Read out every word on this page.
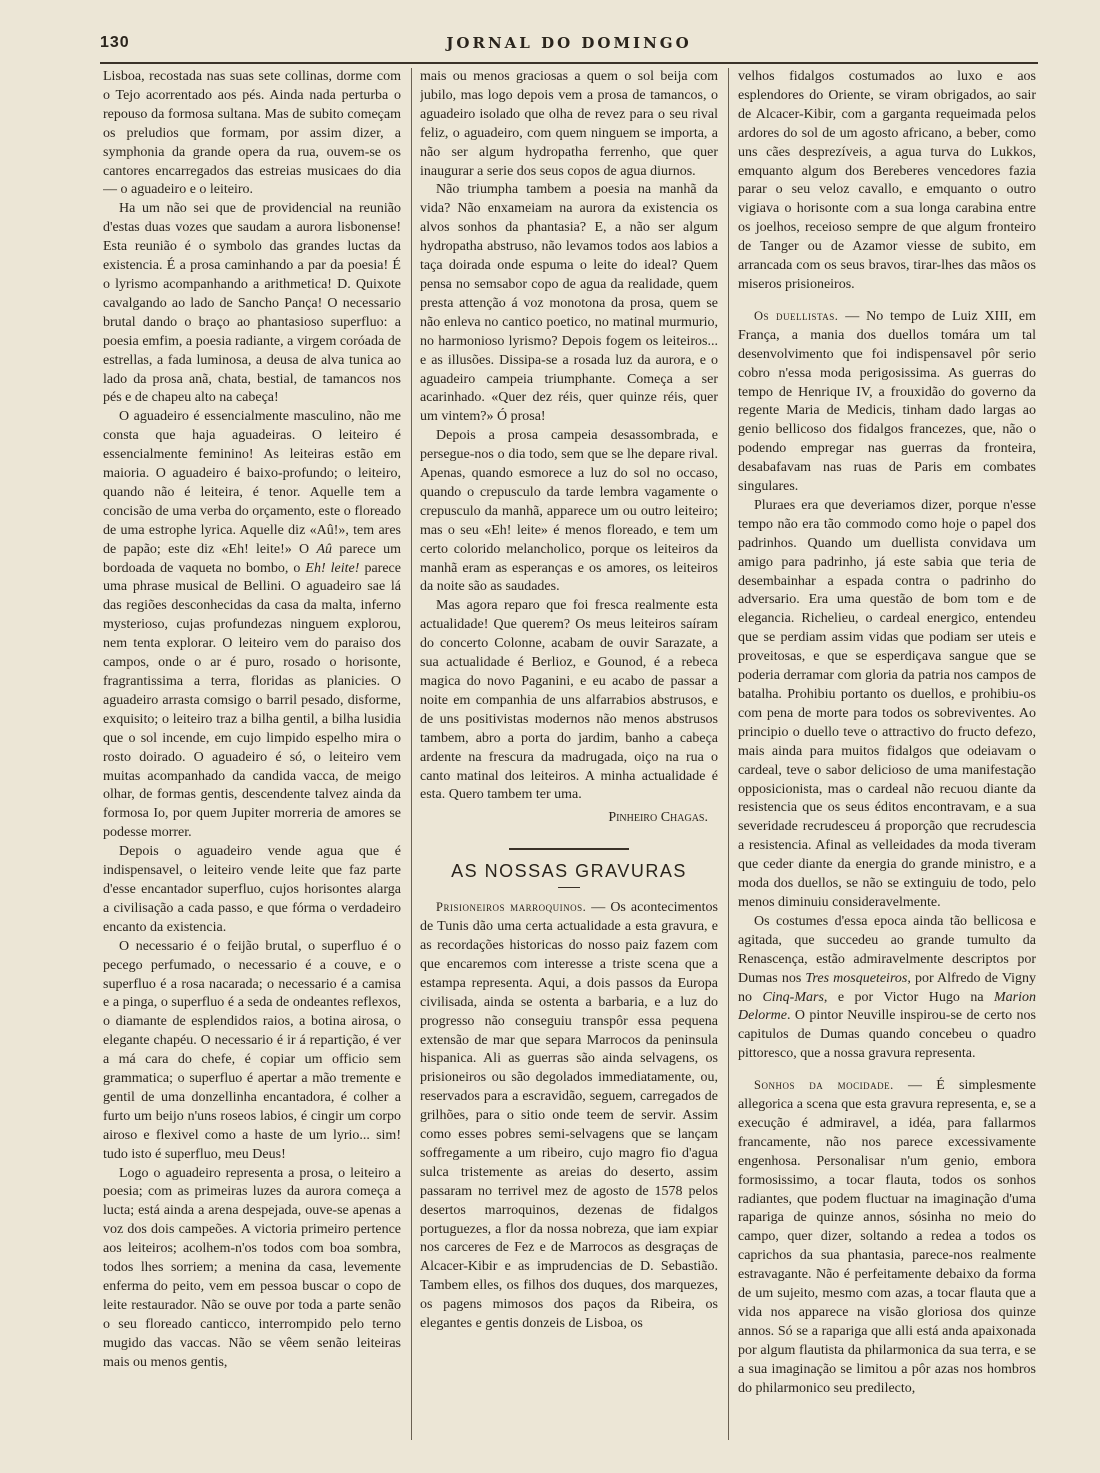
130	JORNAL DO DOMINGO

Lisboa, recostada nas suas sete collinas, dorme com o Tejo acorrentado aos pés. Ainda nada perturba o repouso da formosa sultana. Mas de subito começam os preludios que formam, por assim dizer, a symphonia da grande opera da rua, ouvem-se os cantores encarregados das estreias musicaes do dia — o aguadeiro e o leiteiro.

Ha um não sei que de providencial na reunião d'estas duas vozes que saudam a aurora lisbonense! Esta reunião é o symbolo das grandes luctas da existencia. É a prosa caminhando a par da poesia! É o lyrismo acompanhando a arithmetica! D. Quixote cavalgando ao lado de Sancho Pança! O necessario brutal dando o braço ao phantasioso superfluo: a poesia emfim, a poesia radiante, a virgem coróada de estrellas, a fada luminosa, a deusa de alva tunica ao lado da prosa anã, chata, bestial, de tamancos nos pés e de chapeu alto na cabeça!

O aguadeiro é essencialmente masculino, não me consta que haja aguadeiras. O leiteiro é essencialmente feminino! As leiteiras estão em maioria. O aguadeiro é baixo-profundo; o leiteiro, quando não é leiteira, é tenor. Aquelle tem a concisão de uma verba do orçamento, este o floreado de uma estrophe lyrica. Aquelle diz «Aû!», tem ares de papão; este diz «Eh! leite!» O Aû parece um bordoada de vaqueta no bombo, o Eh! leite! parece uma phrase musical de Bellini. O aguadeiro sae lá das regiões desconhecidas da casa da malta, inferno mysterioso, cujas profundezas ninguem explorou, nem tenta explorar. O leiteiro vem do paraiso dos campos, onde o ar é puro, rosado o horisonte, fragrantissima a terra, floridas as planicies. O aguadeiro arrasta comsigo o barril pesado, disforme, exquisito; o leiteiro traz a bilha gentil, a bilha lusidia que o sol incende, em cujo limpido espelho mira o rosto doirado. O aguadeiro é só, o leiteiro vem muitas acompanhado da candida vacca, de meigo olhar, de formas gentis, descendente talvez ainda da formosa Io, por quem Jupiter morreria de amores se podesse morrer.

Depois o aguadeiro vende agua que é indispensavel, o leiteiro vende leite que faz parte d'esse encantador superfluo, cujos horisontes alarga a civilisação a cada passo, e que fórma o verdadeiro encanto da existencia.

O necessario é o feijão brutal, o superfluo é o pecego perfumado, o necessario é a couve, e o superfluo é a rosa nacarada; o necessario é a camisa e a pinga, o superfluo é a seda de ondeantes reflexos, o diamante de esplendidos raios, a botina airosa, o elegante chapéu. O necessario é ir á repartição, é ver a má cara do chefe, é copiar um officio sem grammatica; o superfluo é apertar a mão tremente e gentil de uma donzellinha encantadora, é colher a furto um beijo n'uns roseos labios, é cingir um corpo airoso e flexivel como a haste de um lyrio... sim! tudo isto é superfluo, meu Deus!

Logo o aguadeiro representa a prosa, o leiteiro a poesia; com as primeiras luzes da aurora começa a lucta; está ainda a arena despejada, ouve-se apenas a voz dos dois campeões. A victoria primeiro pertence aos leiteiros; acolhem-n'os todos com boa sombra, todos lhes sorriem; a menina da casa, levemente enferma do peito, vem em pessoa buscar o copo de leite restaurador. Não se ouve por toda a parte senão o seu floreado canticco, interrompido pelo terno mugido das vaccas. Não se vêem senão leiteiras mais ou menos gentis,

mais ou menos graciosas a quem o sol beija com jubilo, mas logo depois vem a prosa de tamancos, o aguadeiro isolado que olha de revez para o seu rival feliz, o aguadeiro, com quem ninguem se importa, a não ser algum hydropatha ferrenho, que quer inaugurar a serie dos seus copos de agua diurnos.

Não triumpha tambem a poesia na manhã da vida? Não enxameiam na aurora da existencia os alvos sonhos da phantasia? E, a não ser algum hydropatha abstruso, não levamos todos aos labios a taça doirada onde espuma o leite do ideal? Quem pensa no semsabor copo de agua da realidade, quem presta attenção á voz monotona da prosa, quem se não enleva no cantico poetico, no matinal murmurio, no harmonioso lyrismo? Depois fogem os leiteiros... e as illusões. Dissipa-se a rosada luz da aurora, e o aguadeiro campeia triumphante. Começa a ser acarinhado. «Quer dez réis, quer quinze réis, quer um vintem?» Ó prosa!

Depois a prosa campeia desassombrada, e persegue-nos o dia todo, sem que se lhe depare rival. Apenas, quando esmorece a luz do sol no occaso, quando o crepusculo da tarde lembra vagamente o crepusculo da manhã, apparece um ou outro leiteiro; mas o seu «Eh! leite» é menos floreado, e tem um certo colorido melancholico, porque os leiteiros da manhã eram as esperanças e os amores, os leiteiros da noite são as saudades.

Mas agora reparo que foi fresca realmente esta actualidade! Que querem? Os meus leiteiros saíram do concerto Colonne, acabam de ouvir Sarazate, a sua actualidade é Berlioz, e Gounod, é a rebeca magica do novo Paganini, e eu acabo de passar a noite em companhia de uns alfarrabios abstrusos, e de uns positivistas modernos não menos abstrusos tambem, abro a porta do jardim, banho a cabeça ardente na frescura da madrugada, oiço na rua o canto matinal dos leiteiros. A minha actualidade é esta. Quero tambem ter uma.

Pinheiro Chagas.
AS NOSSAS GRAVURAS

Prisioneiros marroquinos. — Os acontecimentos de Tunis dão uma certa actualidade a esta gravura, e as recordações historicas do nosso paiz fazem com que encaremos com interesse a triste scena que a estampa representa. Aqui, a dois passos da Europa civilisada, ainda se ostenta a barbaria, e a luz do progresso não conseguiu transpôr essa pequena extensão de mar que separa Marrocos da peninsula hispanica. Ali as guerras são ainda selvagens, os prisioneiros ou são degolados immediatamente, ou, reservados para a escravidão, seguem, carregados de grilhões, para o sitio onde teem de servir. Assim como esses pobres semi-selvagens que se lançam soffregamente a um ribeiro, cujo magro fio d'agua sulca tristemente as areias do deserto, assim passaram no terrivel mez de agosto de 1578 pelos desertos marroquinos, dezenas de fidalgos portuguezes, a flor da nossa nobreza, que iam expiar nos carceres de Fez e de Marrocos as desgraças de Alcacer-Kibir e as imprudencias de D. Sebastião. Tambem elles, os filhos dos duques, dos marquezes, os pagens mimosos dos paços da Ribeira, os elegantes e gentis donzeis de Lisboa, os

velhos fidalgos costumados ao luxo e aos esplendores do Oriente, se viram obrigados, ao sair de Alcacer-Kibir, com a garganta requeimada pelos ardores do sol de um agosto africano, a beber, como uns cães desprezíveis, a agua turva do Lukkos, emquanto algum dos Bereberes vencedores fazia parar o seu veloz cavallo, e emquanto o outro vigiava o horisonte com a sua longa carabina entre os joelhos, receioso sempre de que algum fronteiro de Tanger ou de Azamor viesse de subito, em arrancada com os seus bravos, tirar-lhes das mãos os miseros prisioneiros.

Os duellistas. — No tempo de Luiz XIII, em França, a mania dos duellos tomára um tal desenvolvimento que foi indispensavel pôr serio cobro n'essa moda perigosissima. As guerras do tempo de Henrique IV, a frouxidão do governo da regente Maria de Medicis, tinham dado largas ao genio bellicoso dos fidalgos francezes, que, não o podendo empregar nas guerras da fronteira, desabafavam nas ruas de Paris em combates singulares.

Pluraes era que deveriamos dizer, porque n'esse tempo não era tão commodo como hoje o papel dos padrinhos. Quando um duellista convidava um amigo para padrinho, já este sabia que teria de desembainhar a espada contra o padrinho do adversario. Era uma questão de bom tom e de elegancia. Richelieu, o cardeal energico, entendeu que se perdiam assim vidas que podiam ser uteis e proveitosas, e que se esperdiçava sangue que se poderia derramar com gloria da patria nos campos de batalha. Prohibiu portanto os duellos, e prohibiu-os com pena de morte para todos os sobreviventes. Ao principio o duello teve o attractivo do fructo defezo, mais ainda para muitos fidalgos que odeiavam o cardeal, teve o sabor delicioso de uma manifestação opposicionista, mas o cardeal não recuou diante da resistencia que os seus éditos encontravam, e a sua severidade recrudesceu á proporção que recrudescia a resistencia. Afinal as velleidades da moda tiveram que ceder diante da energia do grande ministro, e a moda dos duellos, se não se extinguiu de todo, pelo menos diminuiu consideravelmente.

Os costumes d'essa epoca ainda tão bellicosa e agitada, que succedeu ao grande tumulto da Renascença, estão admiravelmente descriptos por Dumas nos Tres mosqueteiros, por Alfredo de Vigny no Cinq-Mars, e por Victor Hugo na Marion Delorme. O pintor Neuville inspirou-se de certo nos capitulos de Dumas quando concebeu o quadro pittoresco, que a nossa gravura representa.

Sonhos da mocidade. — É simplesmente allegorica a scena que esta gravura representa, e, se a execução é admiravel, a idéa, para fallarmos francamente, não nos parece excessivamente engenhosa. Personalisar n'um genio, embora formosissimo, a tocar flauta, todos os sonhos radiantes, que podem fluctuar na imaginação d'uma rapariga de quinze annos, sósinha no meio do campo, quer dizer, soltando a redea a todos os caprichos da sua phantasia, parece-nos realmente estravagante. Não é perfeitamente debaixo da forma de um sujeito, mesmo com azas, a tocar flauta que a vida nos apparece na visão gloriosa dos quinze annos. Só se a rapariga que alli está anda apaixonada por algum flautista da philarmonica da sua terra, e se a sua imaginação se limitou a pôr azas nos hombros do philarmonico seu predilecto,
